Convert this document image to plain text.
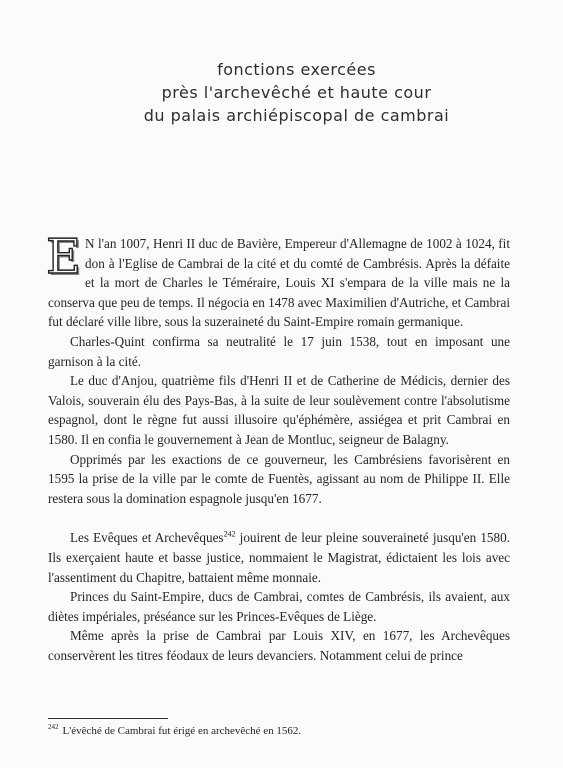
fonctions exercées
près l'archevêché et haute cour
du palais archiépiscopal de cambrai

E N l'an 1007, Henri II duc de Bavière, Empereur d'Allemagne de 1002 à 1024, fit don à l'Eglise de Cambrai de la cité et du comté de Cambrésis. Après la défaite et la mort de Charles le Téméraire, Louis XI s'empara de la ville mais ne la conserva que peu de temps. Il négocia en 1478 avec Maximilien d'Autriche, et Cambrai fut déclaré ville libre, sous la suzeraineté du Saint-Empire romain germanique.

Charles-Quint confirma sa neutralité le 17 juin 1538, tout en imposant une garnison à la cité.

Le duc d'Anjou, quatrième fils d'Henri II et de Catherine de Médicis, dernier des Valois, souverain élu des Pays-Bas, à la suite de leur soulèvement contre l'absolutisme espagnol, dont le règne fut aussi illusoire qu'éphémère, assiégea et prit Cambrai en 1580. Il en confia le gouvernement à Jean de Montluc, seigneur de Balagny.

Opprimés par les exactions de ce gouverneur, les Cambrésiens favorisèrent en 1595 la prise de la ville par le comte de Fuentès, agissant au nom de Philippe II. Elle restera sous la domination espagnole jusqu'en 1677.

Les Evêques et Archevêques$^{242}$ jouirent de leur pleine souveraineté jusqu'en 1580. Ils exerçaient haute et basse justice, nommaient le Magistrat, édictaient les lois avec l'assentiment du Chapitre, battaient même monnaie.

Princes du Saint-Empire, ducs de Cambrai, comtes de Cambrésis, ils avaient, aux diètes impériales, préséance sur les Princes-Evêques de Liège.

Même après la prise de Cambrai par Louis XIV, en 1677, les Archevêques conservèrent les titres féodaux de leurs devanciers. Notamment celui de prince

$^{242}$ L'évêché de Cambrai fut érigé en archevêché en 1562.
